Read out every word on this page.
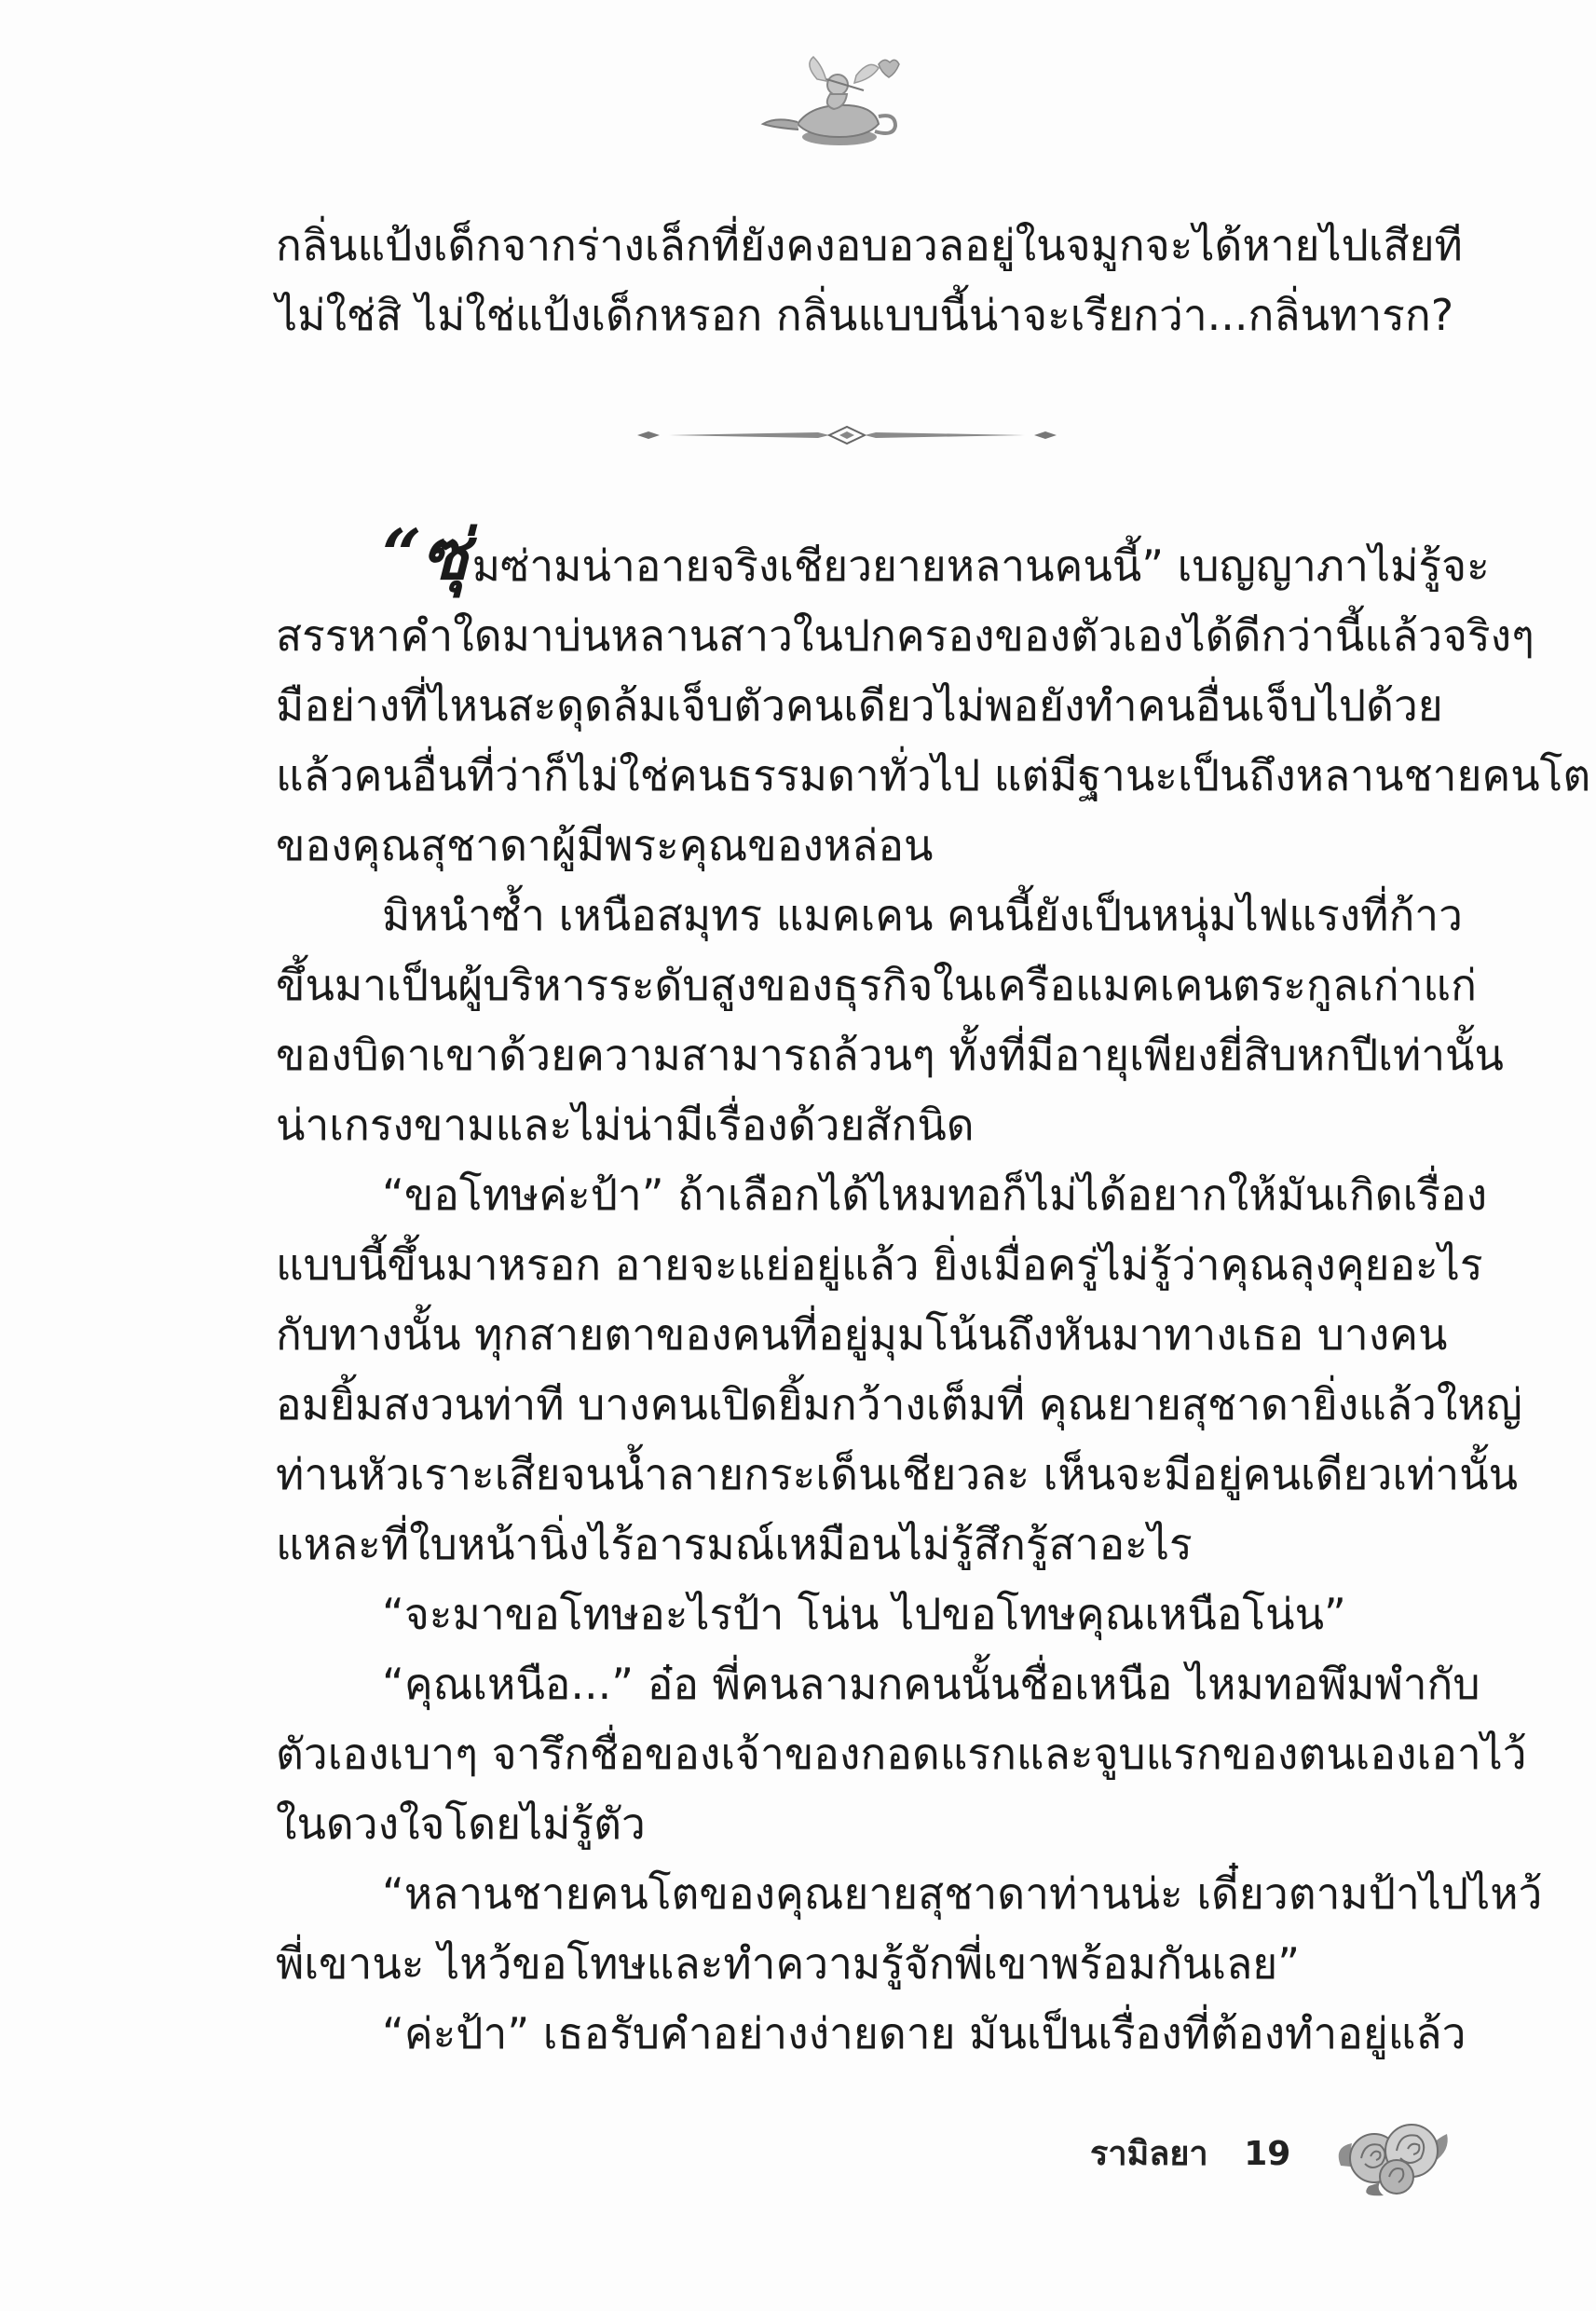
กลิ่นแป้งเด็กจากร่างเล็กที่ยังคงอบอวลอยู่ในจมูกจะได้หายไปเสียที
ไม่ใช่สิ ไม่ใช่แป้งเด็กหรอก กลิ่นแบบนี้น่าจะเรียกว่า...กลิ่นทารก?
“ซุ่ มซ่ามน่าอายจริงเชียวยายหลานคนนี้” เบญญาภาไม่รู้จะ
สรรหาคำใดมาบ่นหลานสาวในปกครองของตัวเองได้ดีกว่านี้แล้วจริงๆ
มือย่างที่ไหนสะดุดล้มเจ็บตัวคนเดียวไม่พอยังทำคนอื่นเจ็บไปด้วย
แล้วคนอื่นที่ว่าก็ไม่ใช่คนธรรมดาทั่วไป แต่มีฐานะเป็นถึงหลานชายคนโต
ของคุณสุชาดาผู้มีพระคุณของหล่อน
มิหนำซ้ำ เหนือสมุทร แมคเคน คนนี้ยังเป็นหนุ่มไฟแรงที่ก้าว
ขึ้นมาเป็นผู้บริหารระดับสูงของธุรกิจในเครือแมคเคนตระกูลเก่าแก่
ของบิดาเขาด้วยความสามารถล้วนๆ ทั้งที่มีอายุเพียงยี่สิบหกปีเท่านั้น
น่าเกรงขามและไม่น่ามีเรื่องด้วยสักนิด
“ขอโทษค่ะป้า” ถ้าเลือกได้ไหมทอก็ไม่ได้อยากให้มันเกิดเรื่อง
แบบนี้ขึ้นมาหรอก อายจะแย่อยู่แล้ว ยิ่งเมื่อครู่ไม่รู้ว่าคุณลุงคุยอะไร
กับทางนั้น ทุกสายตาของคนที่อยู่มุมโน้นถึงหันมาทางเธอ บางคน
อมยิ้มสงวนท่าที บางคนเปิดยิ้มกว้างเต็มที่ คุณยายสุชาดายิ่งแล้วใหญ่
ท่านหัวเราะเสียจนน้ำลายกระเด็นเชียวละ เห็นจะมีอยู่คนเดียวเท่านั้น
แหละที่ใบหน้านิ่งไร้อารมณ์เหมือนไม่รู้สึกรู้สาอะไร
“จะมาขอโทษอะไรป้า โน่น ไปขอโทษคุณเหนือโน่น”
“คุณเหนือ...” อ๋อ พี่คนลามกคนนั้นชื่อเหนือ ไหมทอพึมพำกับ
ตัวเองเบาๆ จารึกชื่อของเจ้าของกอดแรกและจูบแรกของตนเองเอาไว้
ในดวงใจโดยไม่รู้ตัว
“หลานชายคนโตของคุณยายสุชาดาท่านน่ะ เดี๋ยวตามป้าไปไหว้
พี่เขานะ ไหว้ขอโทษและทำความรู้จักพี่เขาพร้อมกันเลย”
“ค่ะป้า” เธอรับคำอย่างง่ายดาย มันเป็นเรื่องที่ต้องทำอยู่แล้ว
รามิลยา 19
